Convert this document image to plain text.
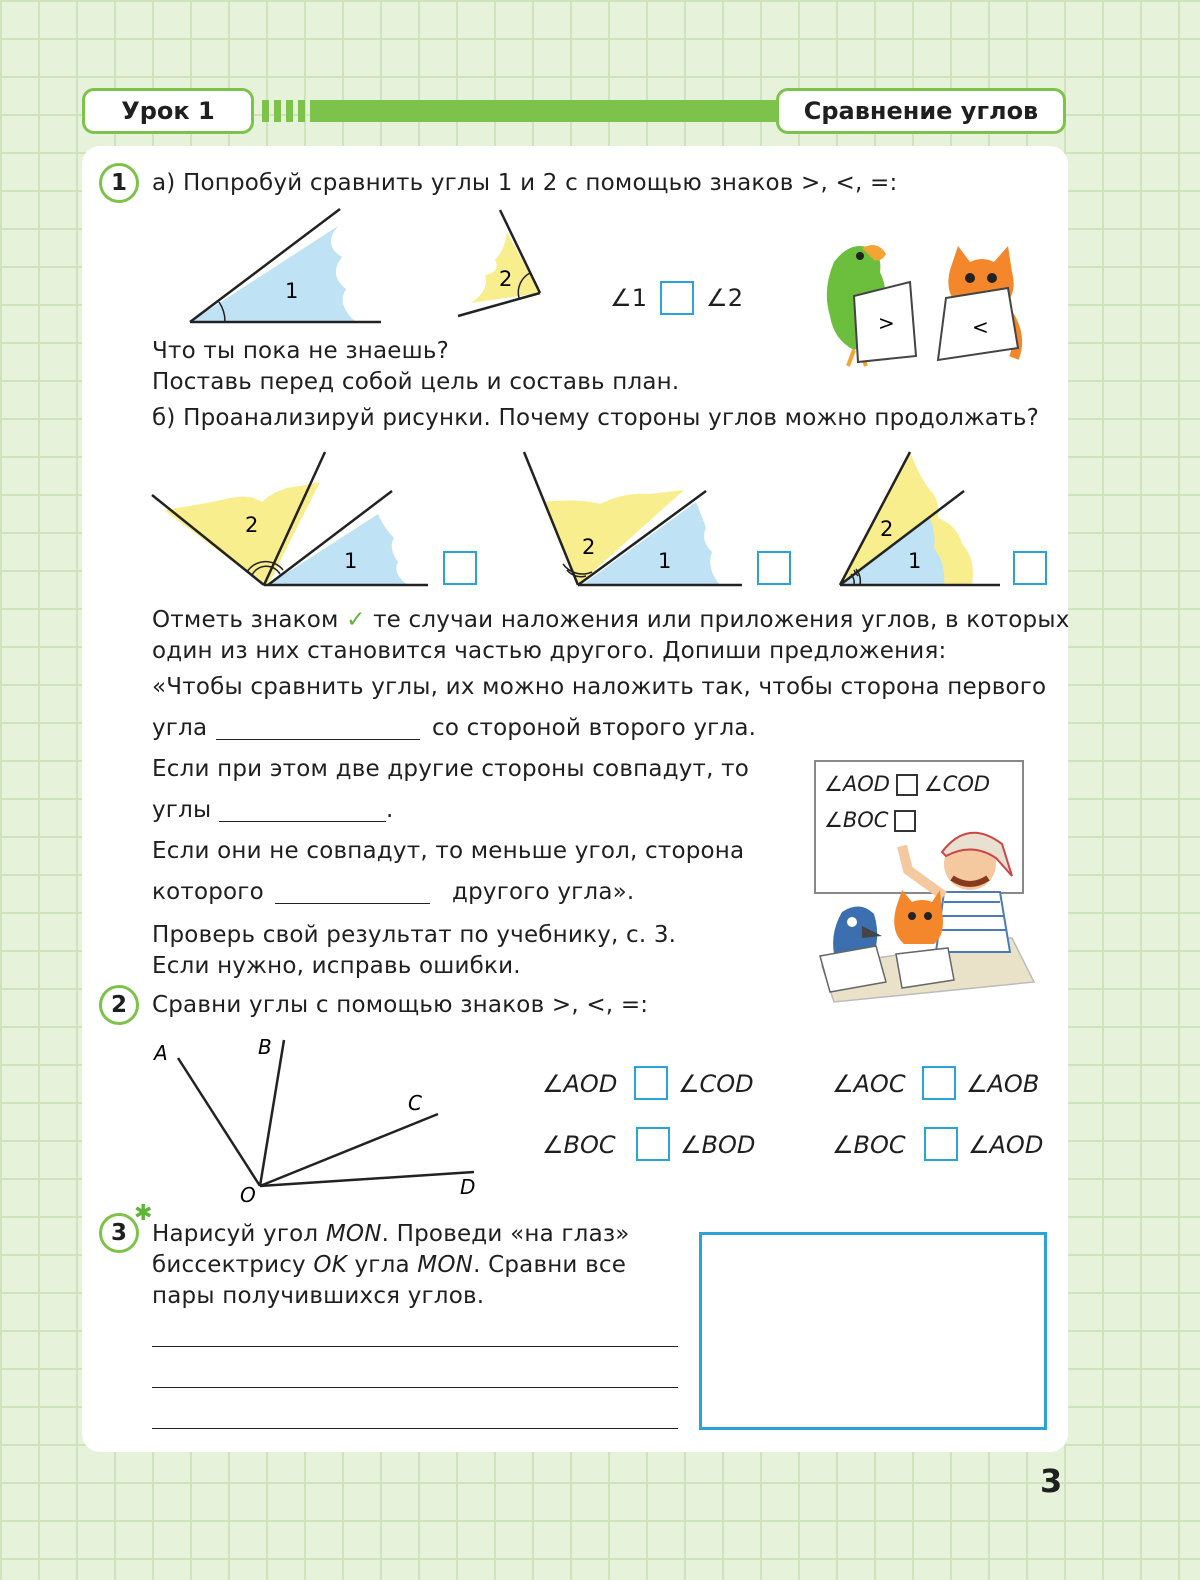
Урок 1	Сравнение углов
1	а) Попробуй сравнить углы 1 и 2 с помощью знаков >, <, =:
1	2
∠1 ∠2
>	<
Что ты пока не знаешь?
Поставь перед собой цель и составь план.
б) Проанализируй рисунки. Почему стороны углов можно продолжать?
2
1
2
1
2
1
Отметь знаком ✓ те случаи наложения или приложения углов, в которых
один из них становится частью другого. Допиши предложения:
«Чтобы сравнить углы, их можно наложить так, чтобы сторона первого
угла	со стороной второго угла.
Если при этом две другие стороны совпадут, то
углы	.
Если они не совпадут, то меньше угол, сторона
которого	другого угла».
Проверь свой результат по учебнику, с. 3.
Если нужно, исправь ошибки.
∠AOD ∠COD
∠BOC
2	Сравни углы с помощью знаков >, <, =:
A	B
C
D
O
∠AOD	∠COD	∠AOC	∠AOB
∠BOC	∠BOD	∠BOC	∠AOD
✱
3	Нарисуй угол MON. Проведи «на глаз»
биссектрису OK угла MON. Сравни все
пары получившихся углов.
3
